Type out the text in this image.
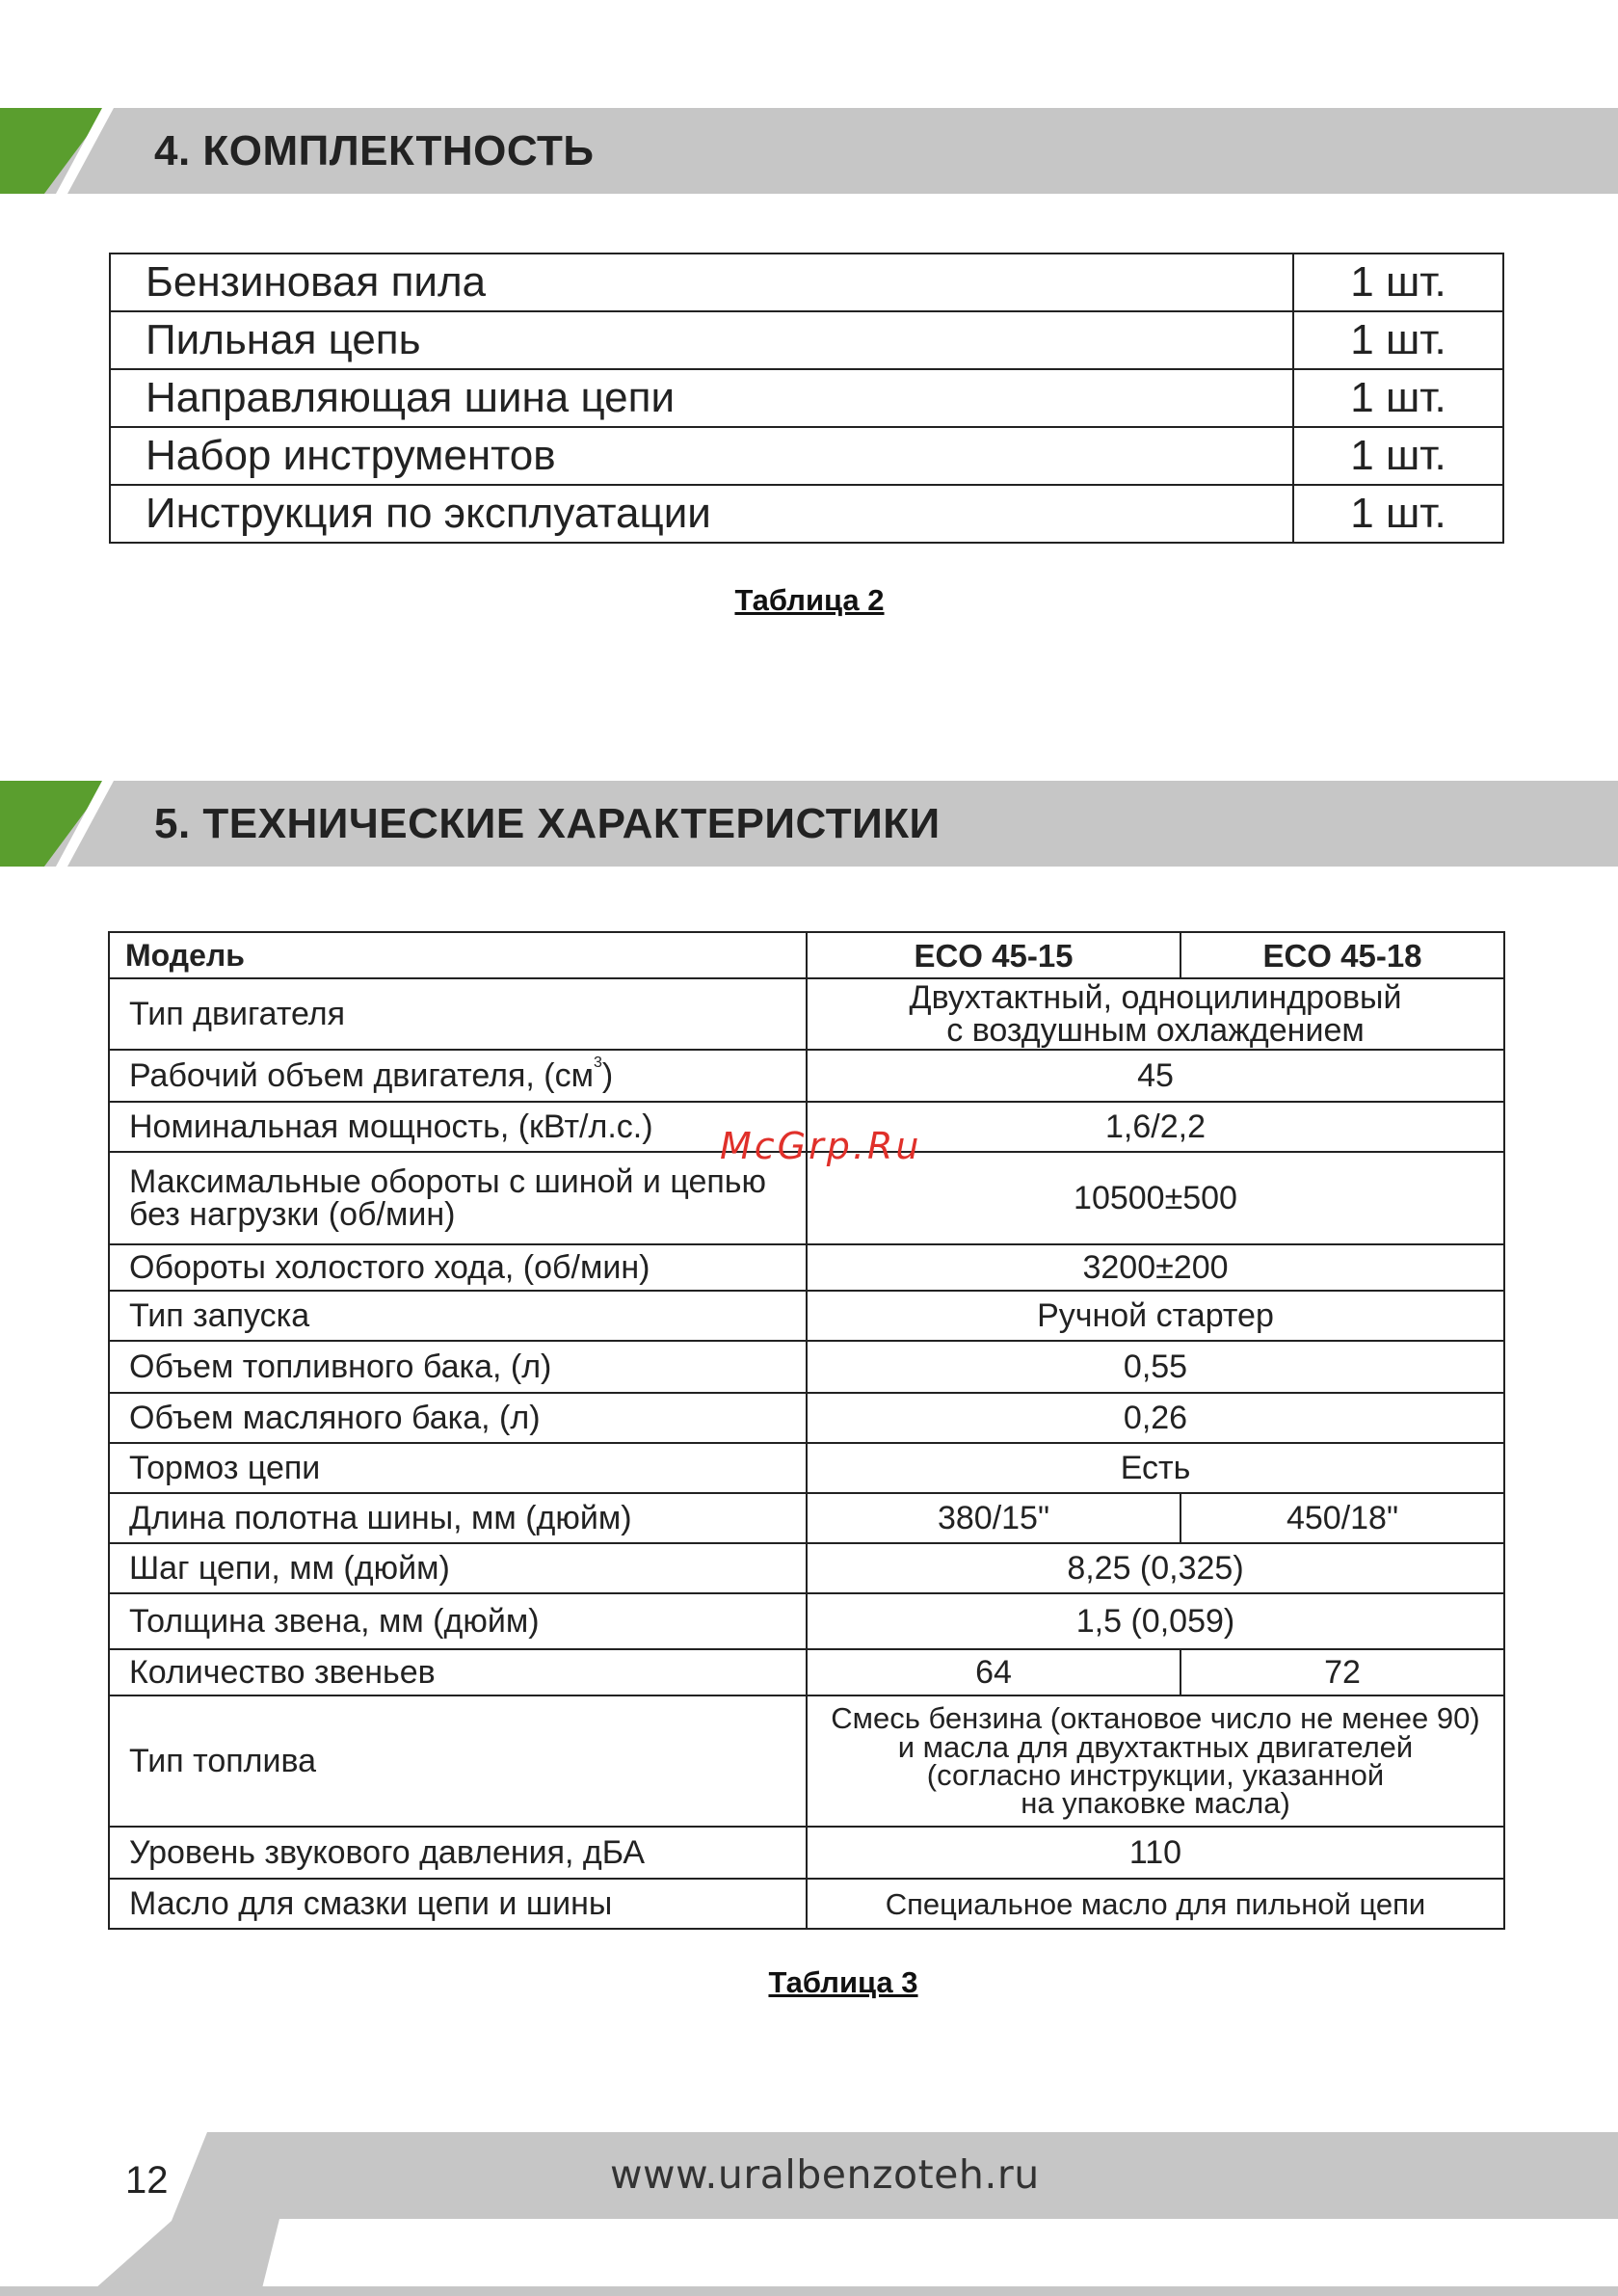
4. КОМПЛЕКТНОСТЬ
Бензиновая пила	1 шт.
Пильная цепь	1 шт.
Направляющая шина цепи	1 шт.
Набор инструментов	1 шт.
Инструкция по эксплуатации	1 шт.
Таблица 2
5. ТЕХНИЧЕСКИЕ ХАРАКТЕРИСТИКИ
Модель	ECO 45-15	ECO 45-18
Тип двигателя	Двухтактный, одноцилиндровый
с воздушным охлаждением	

Рабочий объем двигателя, $(см^3)$	45	
Номинальная мощность, (кВт/л.с.)	1,6/2,2	

Максимальные обороты с шиной и цепью
без нагрузки (об/мин)	10500±500	
Обороты холостого хода, (об/мин)	3200±200	
Тип запуска	Ручной стартер	
Объем топливного бака, (л)	0,55	
Объем масляного бака, (л)	0,26	
Тормоз цепи	Есть	
Длина полотна шины, мм (дюйм)	380/15"	450/18"
Шаг цепи, мм (дюйм)	8,25 (0,325)	
Толщина звена, мм (дюйм)	1,5 (0,059)	
Количество звеньев	64	72
Тип топлива	Смесь бензина (октановое число не менее 90)
и масла для двухтактных двигателей
(согласно инструкции, указанной
на упаковке масла)	

Уровень звукового давления, дБА	110	
Масло для смазки цепи и шины	Специальное масло для пильной цепи	
McGrp.Ru
Таблица 3
12	www.uralbenzoteh.ru
